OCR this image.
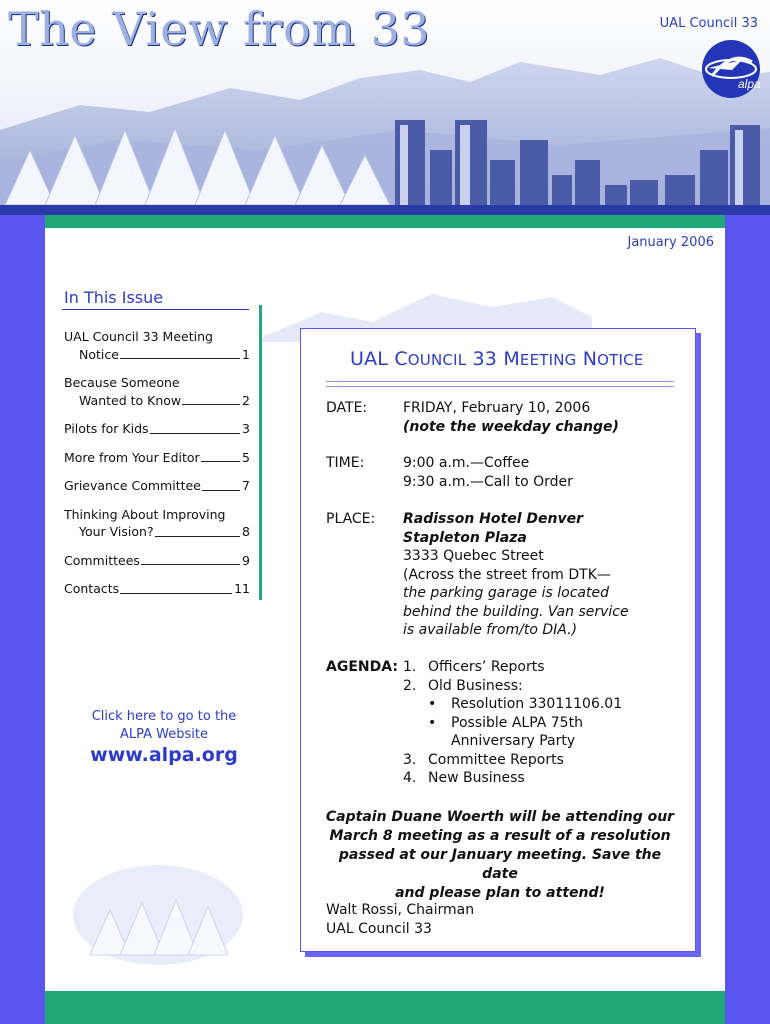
The View from 33	UAL Council 33
alpa
January 2006
In This Issue
UAL Council 33 Meeting
Notice	1
Because Someone
Wanted to Know	2
Pilots for Kids	3
More from Your Editor	5
Grievance Committee	7
Thinking About Improving
Your Vision?	8
Committees	9
Contacts	11
Click here to go to the
ALPA Website
www.alpa.org
UAL COUNCIL 33 MEETING NOTICE
DATE:	FRIDAY, February 10, 2006
(note the weekday change)
TIME:	9:00 a.m.—Coffee
9:30 a.m.—Call to Order
PLACE: Radisson Hotel Denver
Stapleton Plaza
3333 Quebec Street
(Across the street from DTK—
the parking garage is located
behind the building. Van service
is available from/to DIA.)
AGENDA: 1. Officers’ Reports
2. Old Business:
•	Resolution 33011106.01
•	Possible ALPA 75th
Anniversary Party
3. Committee Reports
4. New Business
Captain Duane Woerth will be attending our
March 8 meeting as a result of a resolution
passed at our January meeting. Save the date
and please plan to attend!
Walt Rossi, Chairman
UAL Council 33
